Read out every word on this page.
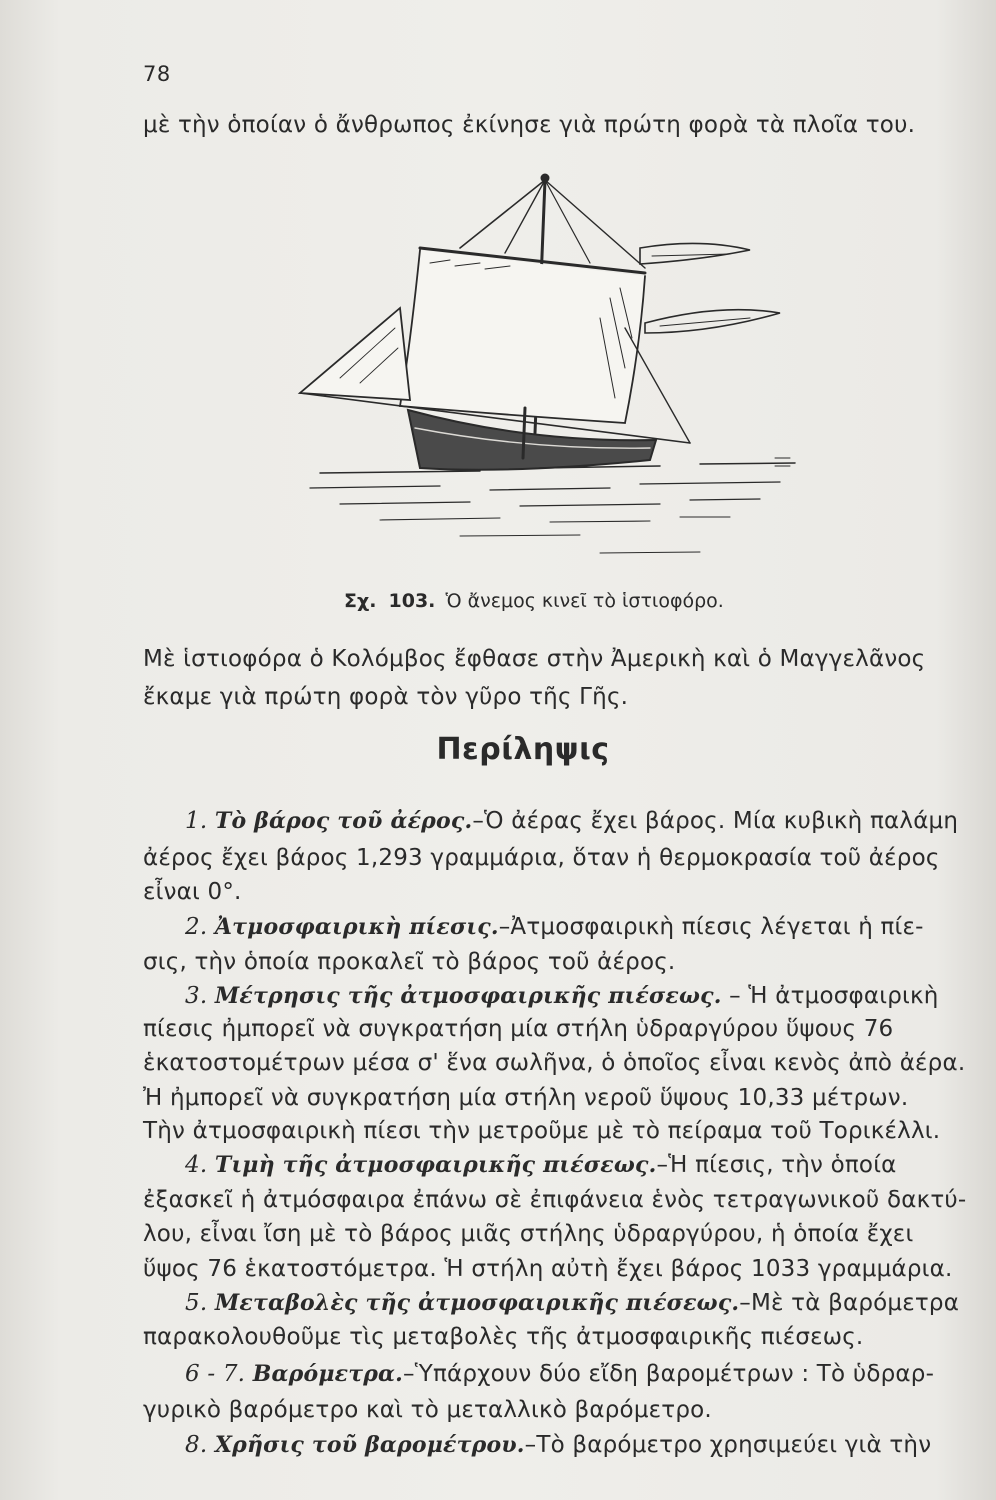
78
μὲ τὴν ὁποίαν ὁ ἄνθρωπος ἐκίνησε γιὰ πρώτη φορὰ τὰ πλοῖα του.
Σχ. 103. Ὁ ἄνεμος κινεῖ τὸ ἱστιοφόρο.
Μὲ ἱστιοφόρα ὁ Κολόμβος ἔφθασε στὴν Ἀμερικὴ καὶ ὁ Μαγγελᾶνος
ἔκαμε γιὰ πρώτη φορὰ τὸν γῦρο τῆς Γῆς.
Περίληψις
1. Τὸ βάρος τοῦ ἀέρος.–Ὁ ἀέρας ἔχει βάρος. Μία κυβικὴ παλάμη
ἀέρος ἔχει βάρος 1,293 γραμμάρια, ὅταν ἡ θερμοκρασία τοῦ ἀέρος
εἶναι 0°.
2. Ἀτμοσφαιρικὴ πίεσις.–Ἀτμοσφαιρικὴ πίεσις λέγεται ἡ πίε-
σις, τὴν ὁποία προκαλεῖ τὸ βάρος τοῦ ἀέρος.
3. Μέτρησις τῆς ἀτμοσφαιρικῆς πιέσεως. – Ἡ ἀτμοσφαιρικὴ
πίεσις ἠμπορεῖ νὰ συγκρατήση μία στήλη ὑδραργύρου ὕψους 76
ἑκατοστομέτρων μέσα σ' ἕνα σωλῆνα, ὁ ὁποῖος εἶναι κενὸς ἀπὸ ἀέρα.
Ἠ ἠμπορεῖ νὰ συγκρατήση μία στήλη νεροῦ ὕψους 10,33 μέτρων.
Τὴν ἀτμοσφαιρικὴ πίεσι τὴν μετροῦμε μὲ τὸ πείραμα τοῦ Τορικέλλι.
4. Τιμὴ τῆς ἀτμοσφαιρικῆς πιέσεως.–Ἡ πίεσις, τὴν ὁποία
ἐξασκεῖ ἡ ἀτμόσφαιρα ἐπάνω σὲ ἐπιφάνεια ἑνὸς τετραγωνικοῦ δακτύ-
λου, εἶναι ἴση μὲ τὸ βάρος μιᾶς στήλης ὑδραργύρου, ἡ ὁποία ἔχει
ὕψος 76 ἑκατοστόμετρα. Ἡ στήλη αὐτὴ ἔχει βάρος 1033 γραμμάρια.
5. Μεταβολὲς τῆς ἀτμοσφαιρικῆς πιέσεως.–Μὲ τὰ βαρόμετρα
παρακολουθοῦμε τὶς μεταβολὲς τῆς ἀτμοσφαιρικῆς πιέσεως.
6 - 7. Βαρόμετρα.–Ὑπάρχουν δύο εἴδη βαρομέτρων : Τὸ ὑδραρ-
γυρικὸ βαρόμετρο καὶ τὸ μεταλλικὸ βαρόμετρο.
8. Χρῆσις τοῦ βαρομέτρου.–Τὸ βαρόμετρο χρησιμεύει γιὰ τὴν
